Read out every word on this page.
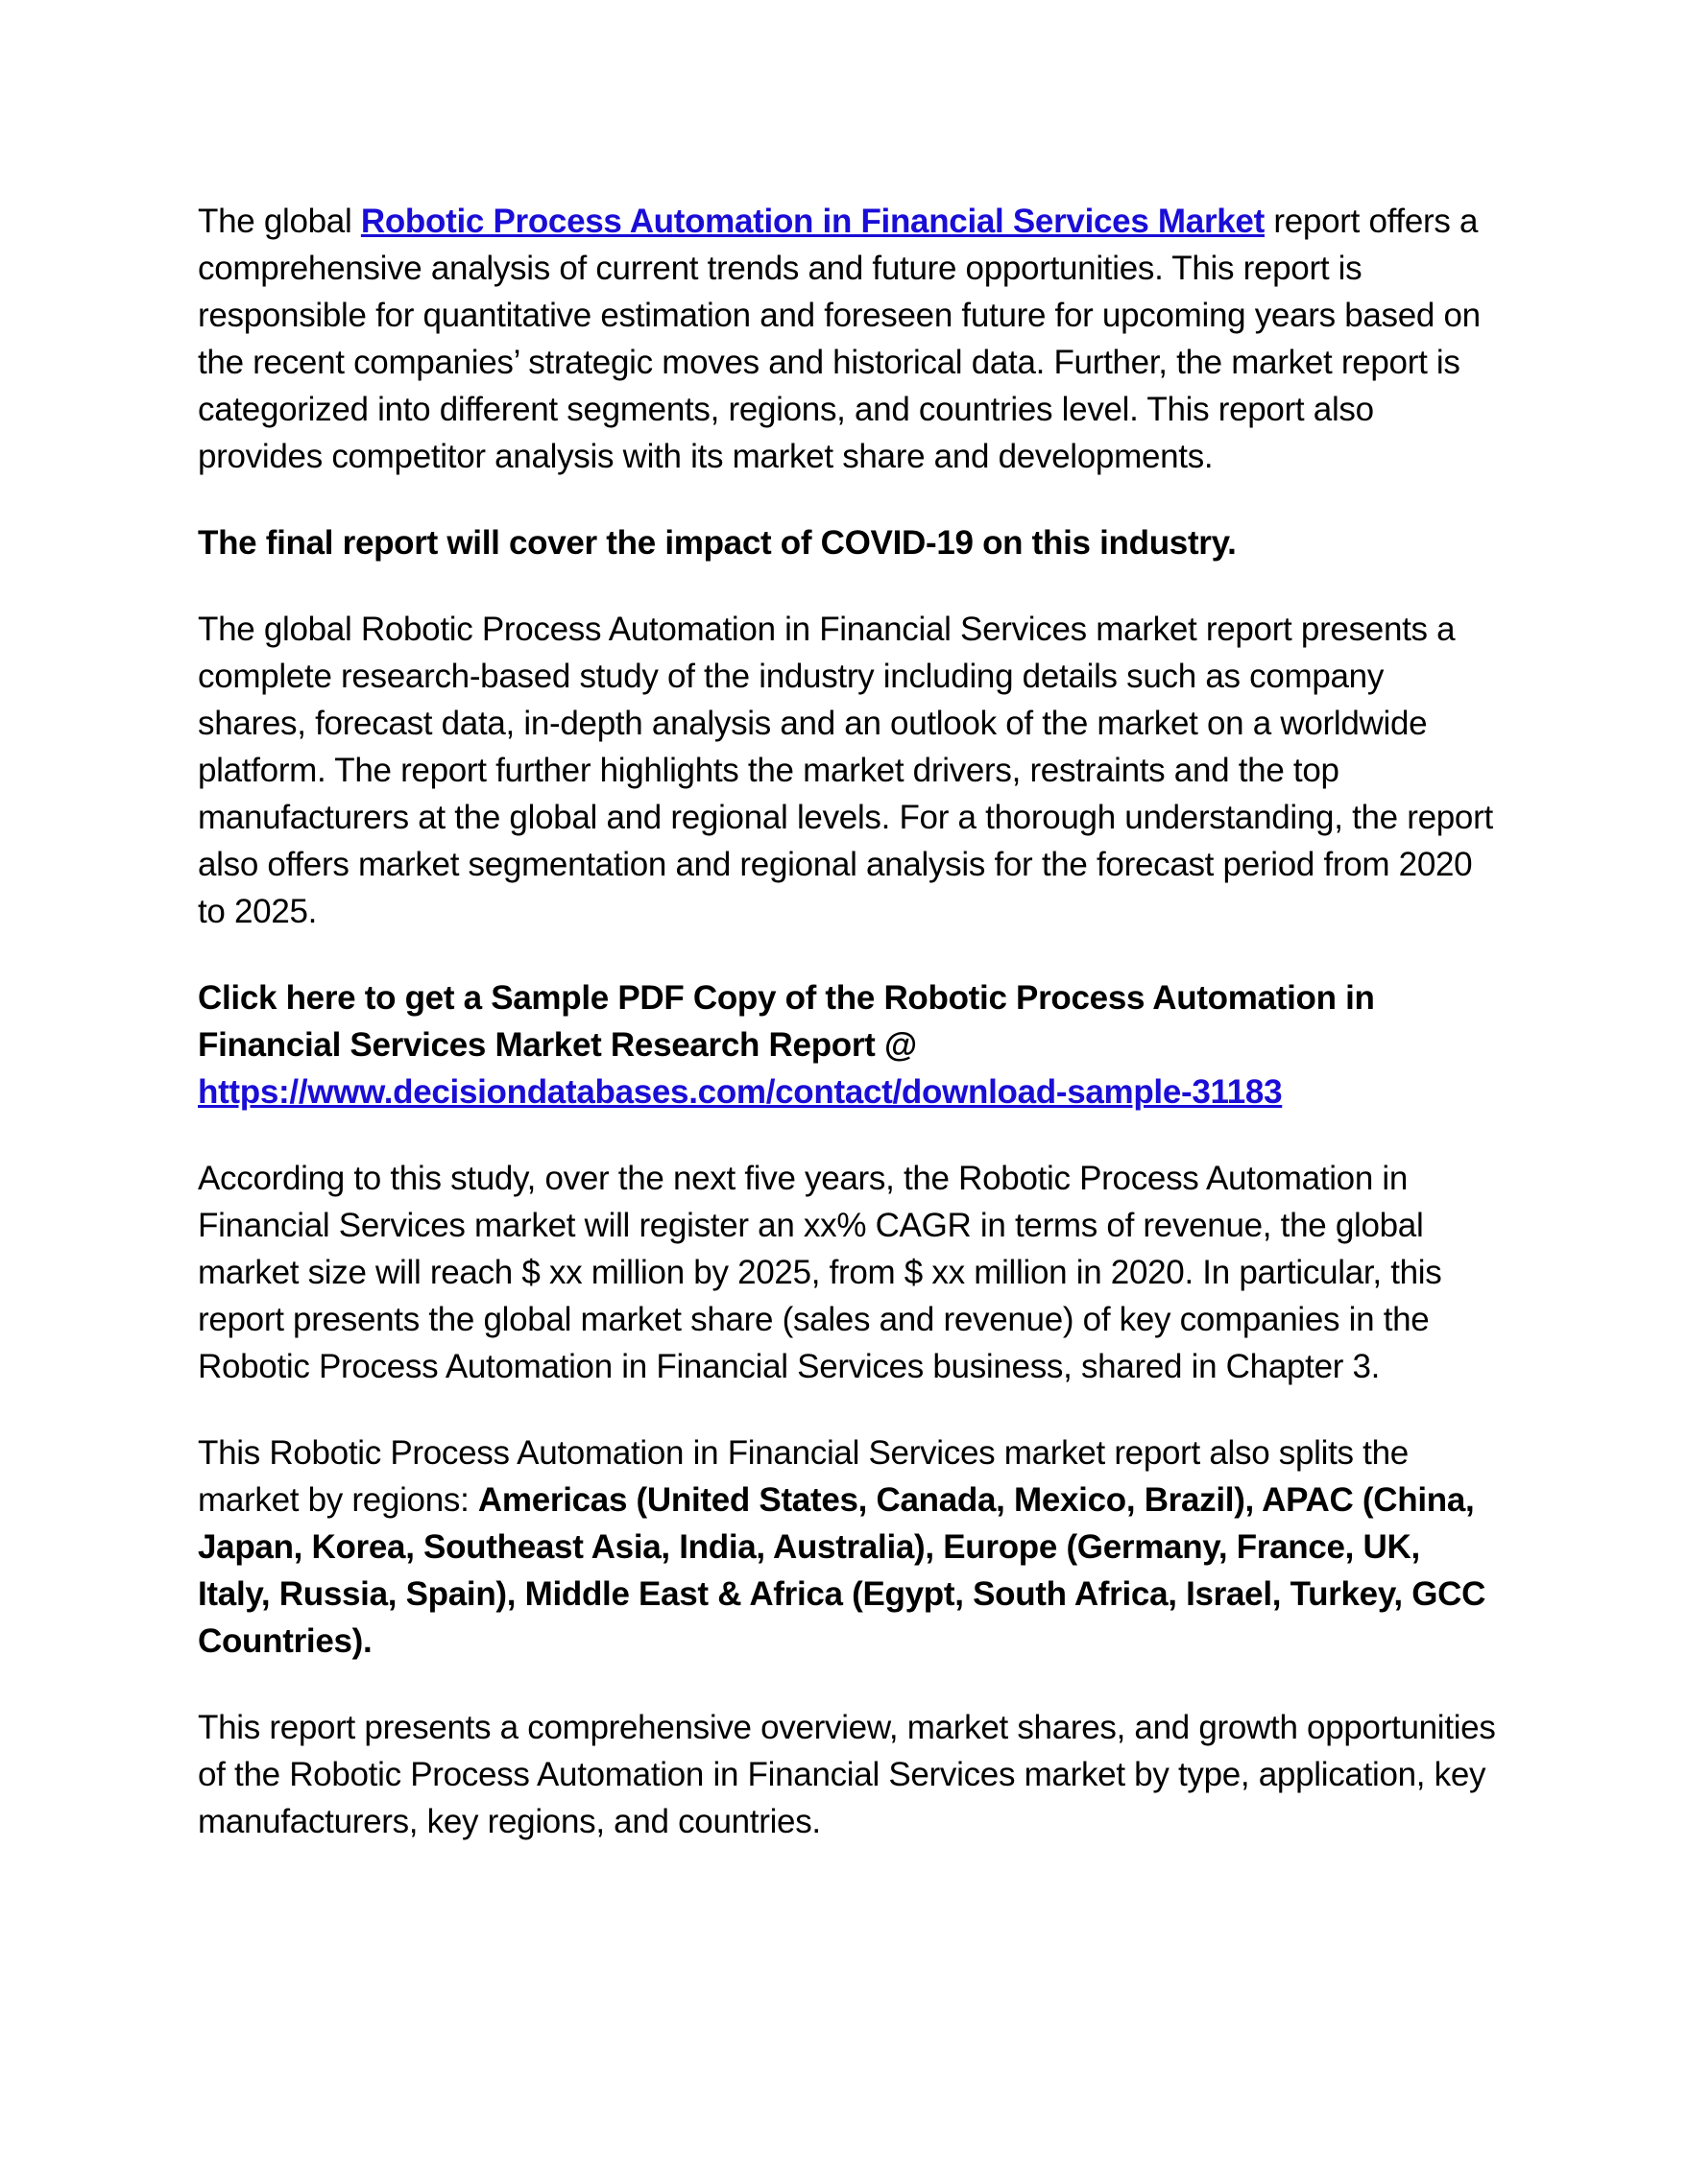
The global Robotic Process Automation in Financial Services Market report offers a comprehensive analysis of current trends and future opportunities. This report is responsible for quantitative estimation and foreseen future for upcoming years based on the recent companies’ strategic moves and historical data. Further, the market report is categorized into different segments, regions, and countries level. This report also provides competitor analysis with its market share and developments.

The final report will cover the impact of COVID-19 on this industry.

The global Robotic Process Automation in Financial Services market report presents a complete research-based study of the industry including details such as company shares, forecast data, in-depth analysis and an outlook of the market on a worldwide platform. The report further highlights the market drivers, restraints and the top manufacturers at the global and regional levels. For a thorough understanding, the report also offers market segmentation and regional analysis for the forecast period from 2020 to 2025.

Click here to get a Sample PDF Copy of the Robotic Process Automation in Financial Services Market Research Report @
https://www.decisiondatabases.com/contact/download-sample-31183

According to this study, over the next five years, the Robotic Process Automation in Financial Services market will register an xx% CAGR in terms of revenue, the global market size will reach $ xx million by 2025, from $ xx million in 2020. In particular, this report presents the global market share (sales and revenue) of key companies in the Robotic Process Automation in Financial Services business, shared in Chapter 3.

This Robotic Process Automation in Financial Services market report also splits the market by regions: Americas (United States, Canada, Mexico, Brazil), APAC (China, Japan, Korea, Southeast Asia, India, Australia), Europe (Germany, France, UK, Italy, Russia, Spain), Middle East & Africa (Egypt, South Africa, Israel, Turkey, GCC Countries).

This report presents a comprehensive overview, market shares, and growth opportunities of the Robotic Process Automation in Financial Services market by type, application, key manufacturers, key regions, and countries.
